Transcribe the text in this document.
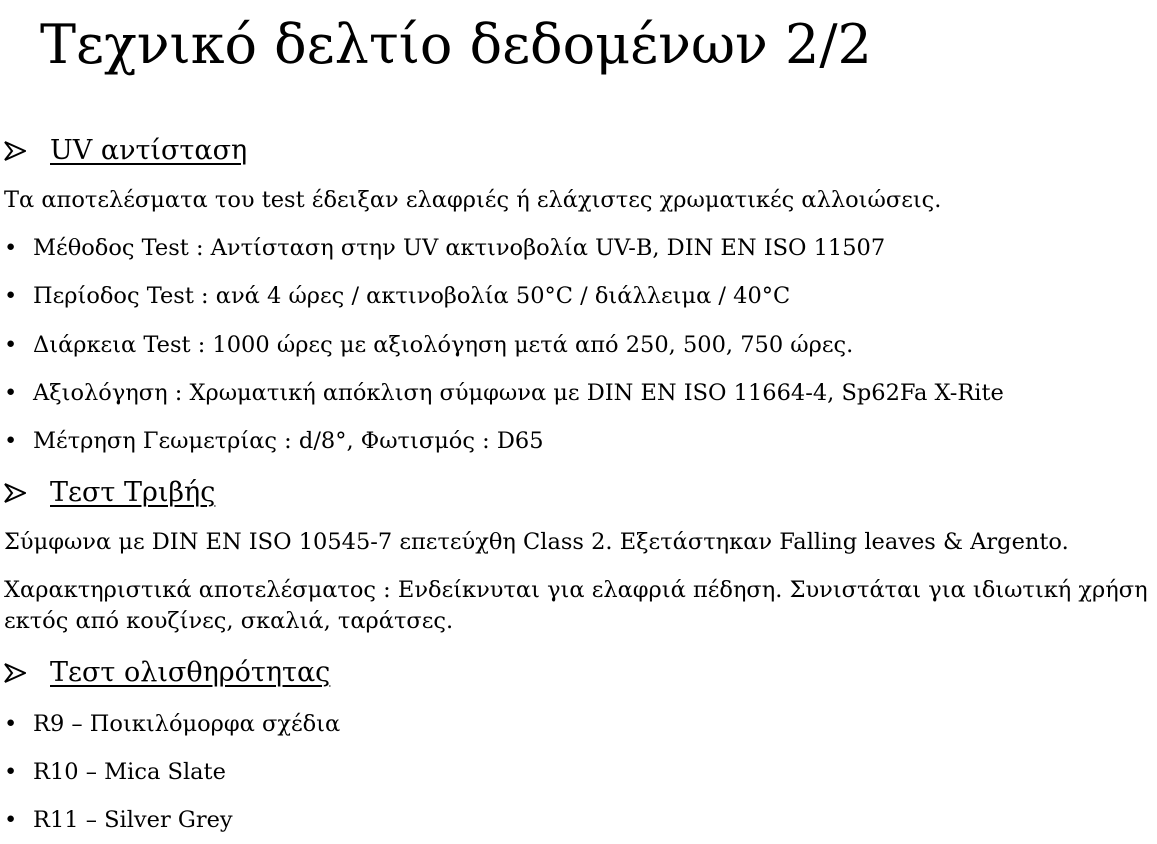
Τεχνικό δελτίο δεδομένων 2/2
UV αντίσταση

Τα αποτελέσματα του test έδειξαν ελαφριές ή ελάχιστες χρωματικές αλλοιώσεις.

• Μέθοδος Test : Αντίσταση στην UV ακτινοβολία UV-B, DIN EN ISO 11507
• Περίοδος Test : ανά 4 ώρες / ακτινοβολία 50°C / διάλλειμα / 40°C
• Διάρκεια Test : 1000 ώρες με αξιολόγηση μετά από 250, 500, 750 ώρες.
• Αξιολόγηση : Χρωματική απόκλιση σύμφωνα με DIN EN ISO 11664-4, Sp62Fa X-Rite
• Μέτρηση Γεωμετρίας : d/8°, Φωτισμός : D65
Τεστ Τριβής

Σύμφωνα με DIN EN ISO 10545-7 επετεύχθη Class 2. Εξετάστηκαν Falling leaves & Argento.

Χαρακτηριστικά αποτελέσματος : Ενδείκνυται για ελαφριά πέδηση. Συνιστάται για ιδιωτική χρήση εκτός από κουζίνες, σκαλιά, ταράτσες.

Τεστ ολισθηρότητας
• R9 – Ποικιλόμορφα σχέδια
• R10 – Mica Slate
• R11 – Silver Grey
